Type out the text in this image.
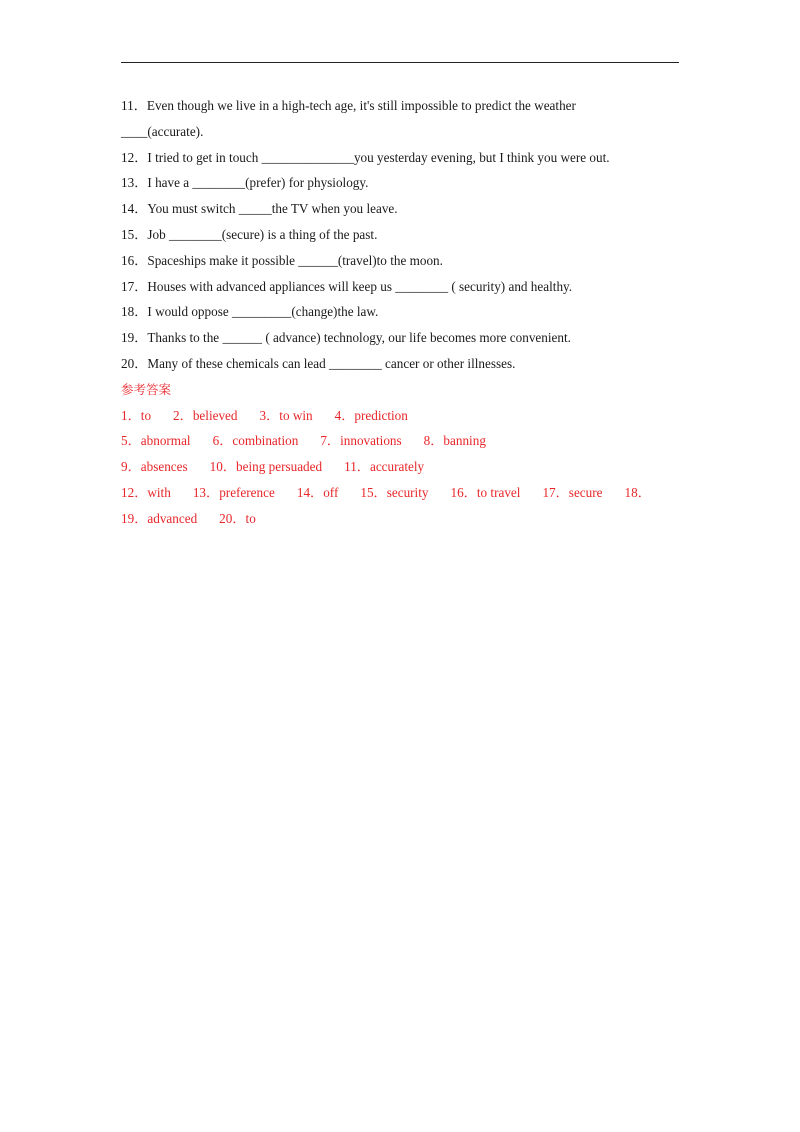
11．Even though we live in a high-tech age, it's still impossible to predict the weather
____(accurate).
12．I tried to get in touch ______________you yesterday evening, but I think you were out.
13．I have a ________(prefer) for physiology.
14．You must switch _____the TV when you leave.
15．Job ________(secure) is a thing of the past.
16．Spaceships make it possible ______(travel)to the moon.
17．Houses with advanced appliances will keep us ________ ( security) and healthy.
18．I would oppose _________(change)the law.
19．Thanks to the ______ ( advance) technology, our life becomes more convenient.
20．Many of these chemicals can lead ________ cancer or other illnesses.
参考答案
1．to 2．believed 3．to win 4．prediction
5．abnormal 6．combination 7．innovations 8．banning
9．absences 10．being persuaded 11．accurately
12．with 13．preference 14．off 15．security 16．to travel 17．secure 18．
19．advanced 20．to
